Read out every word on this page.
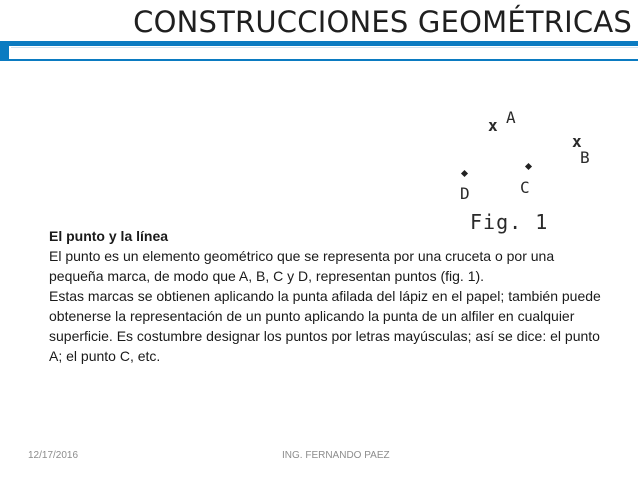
CONSTRUCCIONES GEOMÉTRICAS
x A
x
B
C
D
Fig. 1

El punto y la línea

El punto es un elemento geométrico que se representa por una cruceta o por una pequeña marca, de modo que A, B, C y D, representan puntos (fig. 1).

Estas marcas se obtienen aplicando la punta afilada del lápiz en el papel; también puede obtenerse la representación de un punto aplicando la punta de un alfiler en cualquier superficie. Es costumbre designar los puntos por letras mayúsculas; así se dice: el punto A; el punto C, etc.

12/17/2016	ING. FERNANDO PAEZ
